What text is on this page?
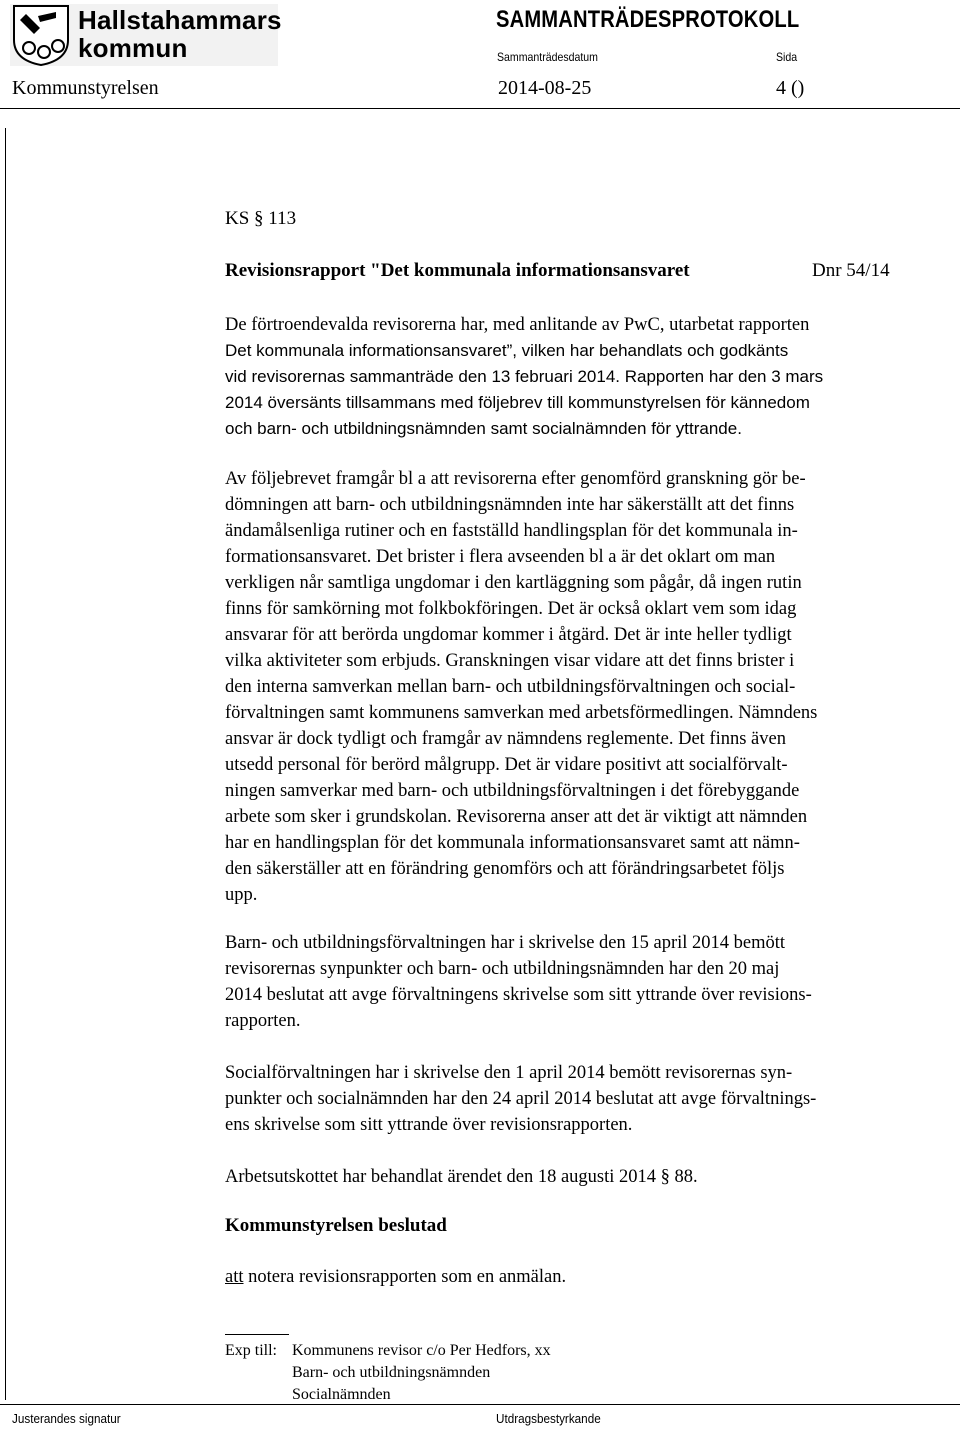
Hallstahammars
kommun
SAMMANTRÄDESPROTOKOLL
Sammanträdesdatum	Sida
Kommunstyrelsen	2014-08-25	4 ()
KS § 113
Revisionsrapport "Det kommunala informationsansvaret	Dnr 54/14
De förtroendevalda revisorerna har, med anlitande av PwC, utarbetat rapporten
Det kommunala informationsansvaret”, vilken har behandlats och godkänts
vid revisorernas sammanträde den 13 februari 2014. Rapporten har den 3 mars
2014 översänts tillsammans med följebrev till kommunstyrelsen för kännedom
och barn- och utbildningsnämnden samt socialnämnden för yttrande.
Av följebrevet framgår bl a att revisorerna efter genomförd granskning gör be-
dömningen att barn- och utbildningsnämnden inte har säkerställt att det finns
ändamålsenliga rutiner och en fastställd handlingsplan för det kommunala in-
formationsansvaret. Det brister i flera avseenden bl a är det oklart om man
verkligen når samtliga ungdomar i den kartläggning som pågår, då ingen rutin
finns för samkörning mot folkbokföringen. Det är också oklart vem som idag
ansvarar för att berörda ungdomar kommer i åtgärd. Det är inte heller tydligt
vilka aktiviteter som erbjuds. Granskningen visar vidare att det finns brister i
den interna samverkan mellan barn- och utbildningsförvaltningen och social-
förvaltningen samt kommunens samverkan med arbetsförmedlingen. Nämndens
ansvar är dock tydligt och framgår av nämndens reglemente. Det finns även
utsedd personal för berörd målgrupp. Det är vidare positivt att socialförvalt-
ningen samverkar med barn- och utbildningsförvaltningen i det förebyggande
arbete som sker i grundskolan. Revisorerna anser att det är viktigt att nämnden
har en handlingsplan för det kommunala informationsansvaret samt att nämn-
den säkerställer att en förändring genomförs och att förändringsarbetet följs
upp.
Barn- och utbildningsförvaltningen har i skrivelse den 15 april 2014 bemött
revisorernas synpunkter och barn- och utbildningsnämnden har den 20 maj
2014 beslutat att avge förvaltningens skrivelse som sitt yttrande över revisions-
rapporten.
Socialförvaltningen har i skrivelse den 1 april 2014 bemött revisorernas syn-
punkter och socialnämnden har den 24 april 2014 beslutat att avge förvaltnings-
ens skrivelse som sitt yttrande över revisionsrapporten.
Arbetsutskottet har behandlat ärendet den 18 augusti 2014 § 88.
Kommunstyrelsen beslutad
att notera revisionsrapporten som en anmälan.
Exp till: Kommunens revisor c/o Per Hedfors, xx
Barn- och utbildningsnämnden
Socialnämnden
Justerandes signatur	Utdragsbestyrkande
